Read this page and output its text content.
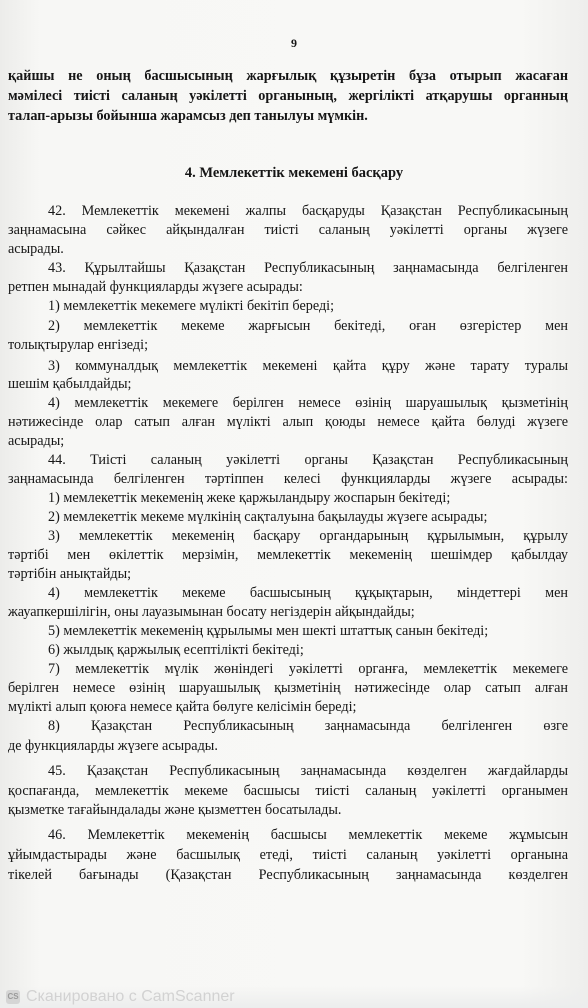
9
қайшы не оның басшысының жарғылық құзыретін бұза отырып жасаған
мәмілесі тиісті саланың уәкілетті органының, жергілікті атқарушы органның
талап-арызы бойынша жарамсыз деп танылуы мүмкін.
4. Мемлекеттік мекемені басқару
42. Мемлекеттік мекемені жалпы басқаруды Қазақстан Республикасының
заңнамасына сәйкес айқындалған тиісті саланың уәкілетті органы жүзеге
асырады.
43. Құрылтайшы Қазақстан Республикасының заңнамасында белгіленген
ретпен мынадай функцияларды жүзеге асырады:
1) мемлекеттік мекемеге мүлікті бекітіп береді;
2) мемлекеттік мекеме жарғысын бекітеді, оған өзгерістер мен
толықтырулар енгізеді;
3) коммуналдық мемлекеттік мекемені қайта құру және тарату туралы
шешім қабылдайды;
4) мемлекеттік мекемеге берілген немесе өзінің шаруашылық қызметінің
нәтижесінде олар сатып алған мүлікті алып қоюды немесе қайта бөлуді жүзеге
асырады;
44. Тиісті саланың уәкілетті органы Қазақстан Республикасының
заңнамасында белгіленген тәртіппен келесі функцияларды жүзеге асырады:
1) мемлекеттік мекеменің жеке қаржыландыру жоспарын бекітеді;
2) мемлекеттік мекеме мүлкінің сақталуына бақылауды жүзеге асырады;
3) мемлекеттік мекеменің басқару органдарының құрылымын, құрылу
тәртібі мен өкілеттік мерзімін, мемлекеттік мекеменің шешімдер қабылдау
тәртібін анықтайды;
4) мемлекеттік мекеме басшысының құқықтарын, міндеттері мен
жауапкершілігін, оны лауазымынан босату негіздерін айқындайды;
5) мемлекеттік мекеменің құрылымы мен шекті штаттық санын бекітеді;
6) жылдық қаржылық есептілікті бекітеді;
7) мемлекеттік мүлік жөніндегі уәкілетті органға, мемлекеттік мекемеге
берілген немесе өзінің шаруашылық қызметінің нәтижесінде олар сатып алған
мүлікті алып қоюға немесе қайта бөлуге келісімін береді;
8) Қазақстан Республикасының заңнамасында белгіленген өзге
де функцияларды жүзеге асырады.
45. Қазақстан Республикасының заңнамасында көзделген жағдайларды
қоспағанда, мемлекеттік мекеме басшысы тиісті саланың уәкілетті органымен
қызметке тағайындалады және қызметтен босатылады.
46. Мемлекеттік мекеменің басшысы мемлекеттік мекеме жұмысын
ұйымдастырады және басшылық етеді, тиісті саланың уәкілетті органына
тікелей бағынады (Қазақстан Республикасының заңнамасында көзделген
CS Сканировано с CamScanner
